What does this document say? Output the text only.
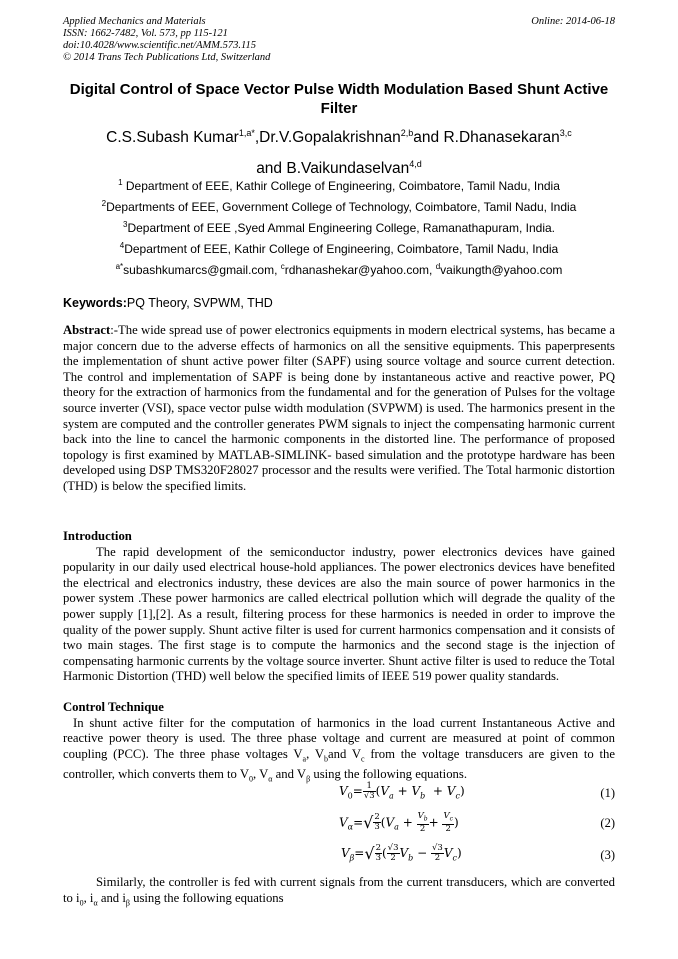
Applied Mechanics and Materials
ISSN: 1662-7482, Vol. 573, pp 115-121
doi:10.4028/www.scientific.net/AMM.573.115
© 2014 Trans Tech Publications Ltd, Switzerland
Online: 2014-06-18
Digital Control of Space Vector Pulse Width Modulation Based Shunt Active Filter
C.S.Subash Kumar$^{1,a*}$,Dr.V.Gopalakrishnan$^{2,b}$and R.Dhanasekaran$^{3,c}$
and B.Vaikundaselvan$^{4,d}$
$^1$ Department of EEE, Kathir College of Engineering, Coimbatore, Tamil Nadu, India
$^2$Departments of EEE, Government College of Technology, Coimbatore, Tamil Nadu, India
$^3$Department of EEE ,Syed Ammal Engineering College, Ramanathapuram, India.
$^4$Department of EEE, Kathir College of Engineering, Coimbatore, Tamil Nadu, India
$^{a*}$subashkumarcs@gmail.com, $^c$rdhanashekar@yahoo.com, $^d$vaikungth@yahoo.com
Keywords:PQ Theory, SVPWM, THD

Abstract:-The wide spread use of power electronics equipments in modern electrical systems, has became a major concern due to the adverse effects of harmonics on all the sensitive equipments. This paperpresents the implementation of shunt active power filter (SAPF) using source voltage and source current detection. The control and implementation of SAPF is being done by instantaneous active and reactive power, PQ theory for the extraction of harmonics from the fundamental and for the generation of Pulses for the voltage source inverter (VSI), space vector pulse width modulation (SVPWM) is used. The harmonics present in the system are computed and the controller generates PWM signals to inject the compensating harmonic current back into the line to cancel the harmonic components in the distorted line. The performance of proposed topology is first examined by MATLAB-SIMLINK- based simulation and the prototype hardware has been developed using DSP TMS320F28027 processor and the results were verified. The Total harmonic distortion (THD) is below the specified limits.

Introduction

The rapid development of the semiconductor industry, power electronics devices have gained popularity in our daily used electrical house-hold appliances. The power electronics devices have benefited the electrical and electronics industry, these devices are also the main source of power harmonics in the power system .These power harmonics are called electrical pollution which will degrade the quality of the power supply [1],[2]. As a result, filtering process for these harmonics is needed in order to improve the quality of the power supply. Shunt active filter is used for current harmonics compensation and it consists of two main stages. The first stage is to compute the harmonics and the second stage is the injection of compensating harmonic currents by the voltage source inverter. Shunt active filter is used to reduce the Total Harmonic Distortion (THD) well below the specified limits of IEEE 519 power quality standards.

Control Technique

In shunt active filter for the computation of harmonics in the load current Instantaneous Active and reactive power theory is used. The three phase voltage and current are measured at point of common coupling (PCC). The three phase voltages $V_a$, $V_band$ $V_c$ from the voltage transducers are given to the controller, which converts them to $V_0$, $V_\alpha$ and $V_\beta$ using the following equations.

$V_0= \frac{1}{√3} (V_a + V_b + V_c)$	(1)
$V_\alpha=√ \frac{2}{3} (V_a + \frac{V_b}{2} + \frac{V_c}{2}$ )	(2)
$V_\beta=√ \frac{2}{3}$ ( $\frac{√3}{2} V_b - \frac{√3}{2} V_c$)	(3)

Similarly, the controller is fed with current signals from the current transducers, which are converted to $i_0$, $i_\alpha$ and $i_\beta$ using the following equations
